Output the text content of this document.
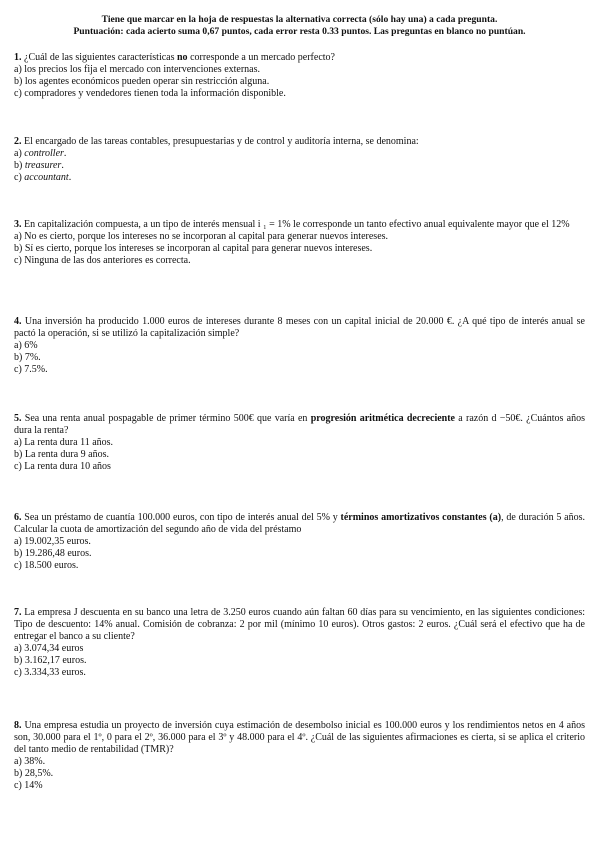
Tiene que marcar en la hoja de respuestas la alternativa correcta (sólo hay una) a cada pregunta.
Puntuación: cada acierto suma 0,67 puntos, cada error resta 0.33 puntos. Las preguntas en blanco no puntúan.

1. ¿Cuál de las siguientes características no corresponde a un mercado perfecto?

a) los precios los fija el mercado con intervenciones externas.

b) los agentes económicos pueden operar sin restricción alguna.

c) compradores y vendedores tienen toda la información disponible.

2. El encargado de las tareas contables, presupuestarias y de control y auditoría interna, se denomina:

a) controller.

b) treasurer.

c) accountant.

3. En capitalización compuesta, a un tipo de interés mensual i ₁ = 1% le corresponde un tanto efectivo anual equivalente mayor que el 12%

a) No es cierto, porque los intereses no se incorporan al capital para generar nuevos intereses.

b) Sí es cierto, porque los intereses se incorporan al capital para generar nuevos intereses.

c) Ninguna de las dos anteriores es correcta.

4. Una inversión ha producido 1.000 euros de intereses durante 8 meses con un capital inicial de 20.000 €. ¿A qué tipo de interés anual se pactó la operación, si se utilizó la capitalización simple?

a) 6%

b) 7%.

c) 7.5%.

5. Sea una renta anual pospagable de primer término 500€ que varía en progresión aritmética decreciente a razón d −50€. ¿Cuántos años dura la renta?

a) La renta dura 11 años.

b) La renta dura 9 años.

c) La renta dura 10 años

6. Sea un préstamo de cuantía 100.000 euros, con tipo de interés anual del 5% y términos amortizativos constantes (a), de duración 5 años. Calcular la cuota de amortización del segundo año de vida del préstamo

a) 19.002,35 euros.

b) 19.286,48 euros.

c) 18.500 euros.

7. La empresa J descuenta en su banco una letra de 3.250 euros cuando aún faltan 60 días para su vencimiento, en las siguientes condiciones: Tipo de descuento: 14% anual. Comisión de cobranza: 2 por mil (mínimo 10 euros). Otros gastos: 2 euros. ¿Cuál será el efectivo que ha de entregar el banco a su cliente?

a) 3.074,34 euros

b) 3.162,17 euros.

c) 3.334,33 euros.

8. Una empresa estudia un proyecto de inversión cuya estimación de desembolso inicial es 100.000 euros y los rendimientos netos en 4 años son, 30.000 para el 1º, 0 para el 2º, 36.000 para el 3º y 48.000 para el 4º. ¿Cuál de las siguientes afirmaciones es cierta, si se aplica el criterio del tanto medio de rentabilidad (TMR)?

a) 38%.

b) 28,5%.

c) 14%
